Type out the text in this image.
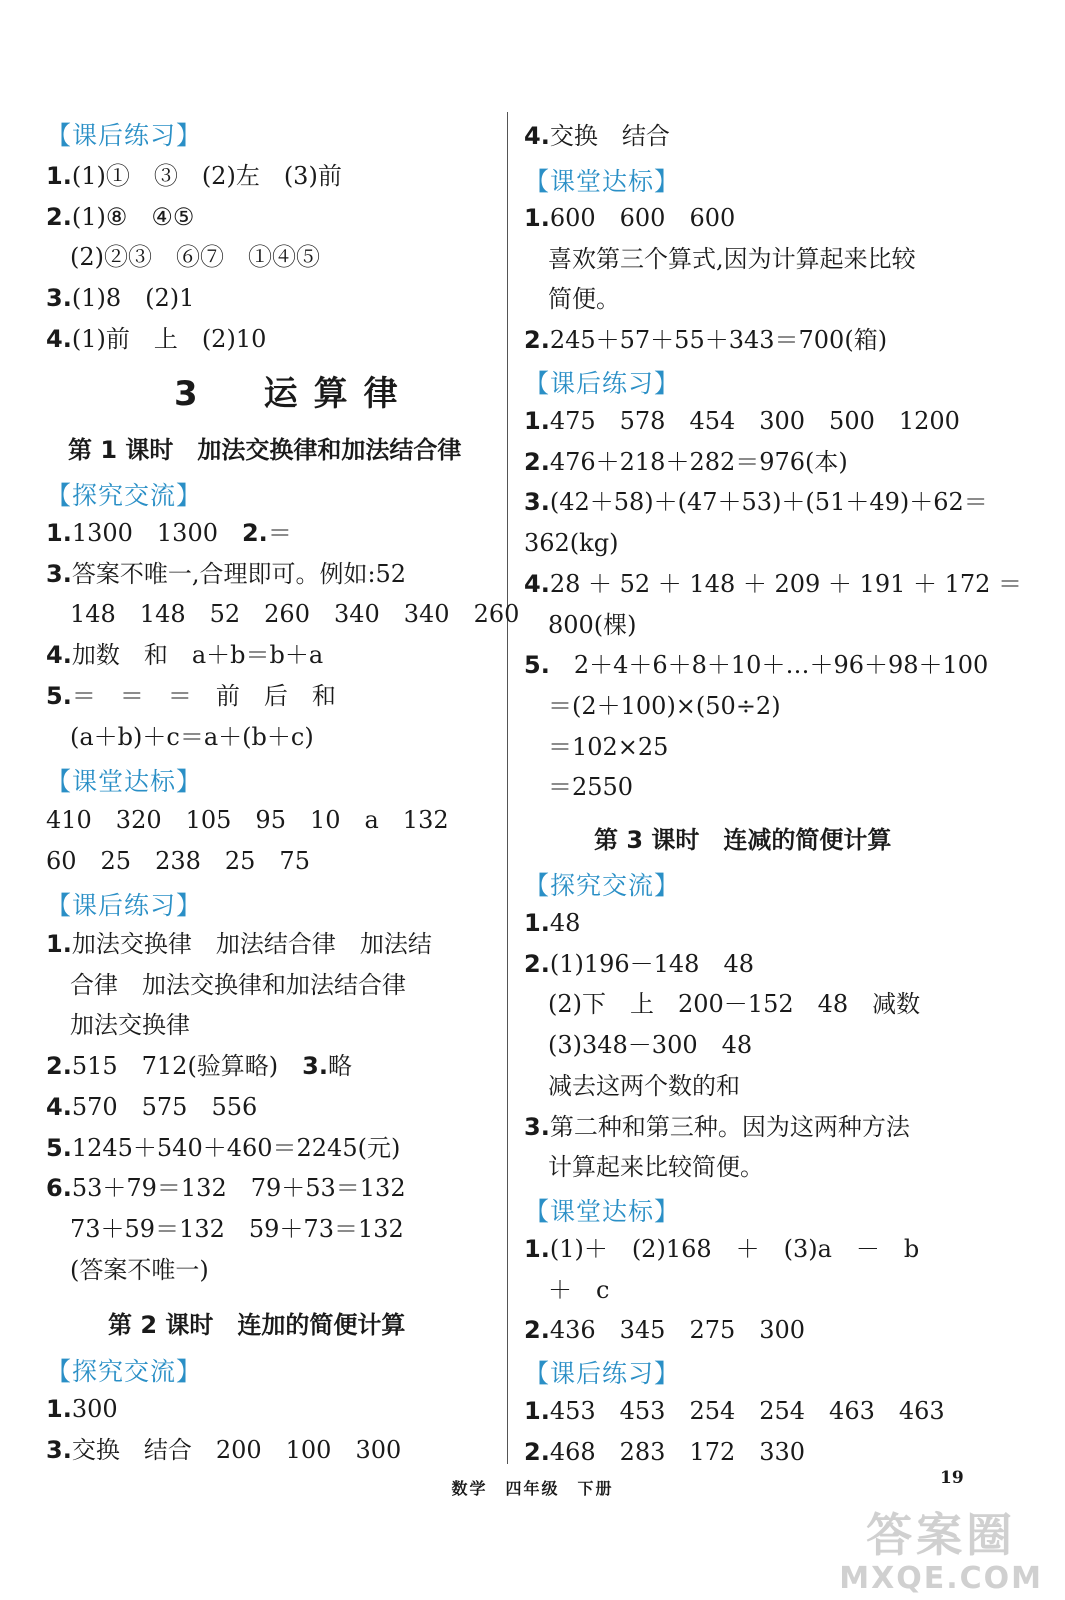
【课后练习】
1.(1)①　③　(2)左　(3)前
2.(1)⑧　④⑤
　(2)②③　⑥⑦　①④⑤
3.(1)8　(2)1
4.(1)前　上　(2)10
3　运算律
第 1 课时　加法交换律和加法结合律
【探究交流】
1.1300　1300　2.＝
3.答案不唯一,合理即可。例如:52
　148　148　52　260　340　340　260
4.加数　和　a＋b＝b＋a
5.＝　＝　＝　前　后　和
　(a＋b)＋c＝a＋(b＋c)
【课堂达标】
410　320　105　95　10　a　132
60　25　238　25　75
【课后练习】
1.加法交换律　加法结合律　加法结
　合律　加法交换律和加法结合律
　加法交换律
2.515　712(验算略)　3.略
4.570　575　556
5.1245＋540＋460＝2245(元)
6.53＋79＝132　79＋53＝132
　73＋59＝132　59＋73＝132
　(答案不唯一)
第 2 课时　连加的简便计算
【探究交流】
1.300
3.交换　结合　200　100　300
4.交换　结合
【课堂达标】
1.600　600　600
　喜欢第三个算式,因为计算起来比较
　简便。
2.245＋57＋55＋343＝700(箱)
【课后练习】
1.475　578　454　300　500　1200
2.476＋218＋282＝976(本)
3.(42＋58)＋(47＋53)＋(51＋49)＋62＝
362(kg)
4.28 ＋ 52 ＋ 148 ＋ 209 ＋ 191 ＋ 172 ＝
　800(棵)
5.　2＋4＋6＋8＋10＋…＋96＋98＋100
　＝(2＋100)×(50÷2)
　＝102×25
　＝2550
第 3 课时　连减的简便计算
【探究交流】
1.48
2.(1)196－148　48
　(2)下　上　200－152　48　减数
　(3)348－300　48
　减去这两个数的和
3.第二种和第三种。因为这两种方法
　计算起来比较简便。
【课堂达标】
1.(1)＋　(2)168　＋　(3)a　－　b
　＋　c
2.436　345　275　300
【课后练习】
1.453　453　254　254　463　463
2.468　283　172　330
数学　四年级　下册
19
答案圈
MXQE.COM
